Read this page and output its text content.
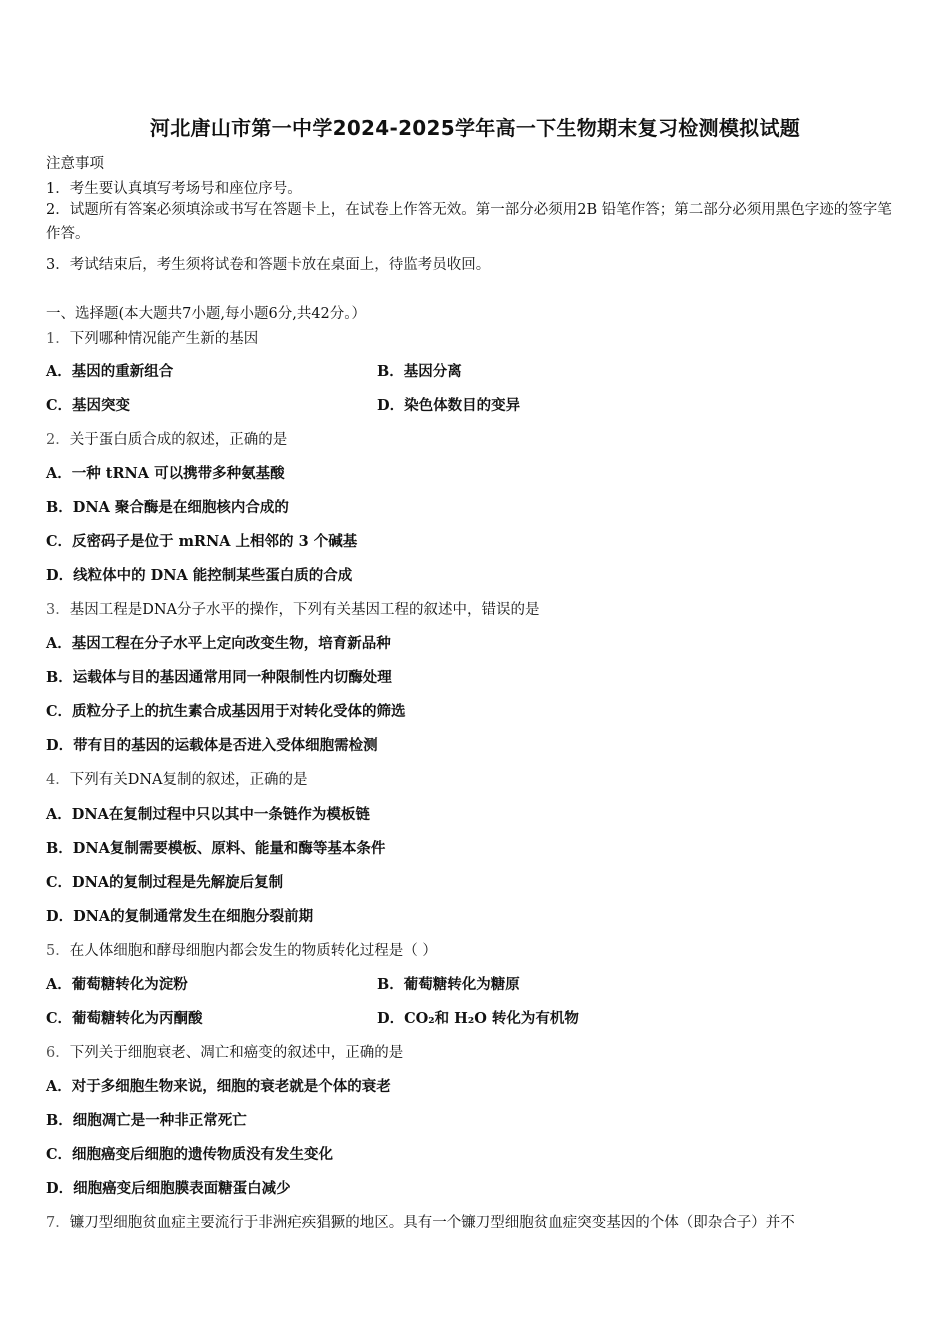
河北唐山市第一中学2024-2025学年高一下生物期末复习检测模拟试题
注意事项
1．考生要认真填写考场号和座位序号。
2．试题所有答案必须填涂或书写在答题卡上，在试卷上作答无效。第一部分必须用2B 铅笔作答；第二部分必须用黑色字迹的签字笔作答。
3．考试结束后，考生须将试卷和答题卡放在桌面上，待监考员收回。
一、选择题(本大题共7小题,每小题6分,共42分。）
1．下列哪种情况能产生新的基因
A．基因的重新组合	B．基因分离
C．基因突变	D．染色体数目的变异
2．关于蛋白质合成的叙述，正确的是
A．一种 tRNA 可以携带多种氨基酸
B．DNA 聚合酶是在细胞核内合成的
C．反密码子是位于 mRNA 上相邻的 3 个碱基
D．线粒体中的 DNA 能控制某些蛋白质的合成
3．基因工程是DNA分子水平的操作，下列有关基因工程的叙述中，错误的是
A．基因工程在分子水平上定向改变生物，培育新品种
B．运载体与目的基因通常用同一种限制性内切酶处理
C．质粒分子上的抗生素合成基因用于对转化受体的筛选
D．带有目的基因的运载体是否进入受体细胞需检测
4．下列有关DNA复制的叙述，正确的是
A．DNA在复制过程中只以其中一条链作为模板链
B．DNA复制需要模板、原料、能量和酶等基本条件
C．DNA的复制过程是先解旋后复制
D．DNA的复制通常发生在细胞分裂前期
5．在人体细胞和酵母细胞内都会发生的物质转化过程是（ ）
A．葡萄糖转化为淀粉	B．葡萄糖转化为糖原
C．葡萄糖转化为丙酮酸	D．CO₂和 H₂O 转化为有机物
6．下列关于细胞衰老、凋亡和癌变的叙述中，正确的是
A．对于多细胞生物来说，细胞的衰老就是个体的衰老
B．细胞凋亡是一种非正常死亡
C．细胞癌变后细胞的遗传物质没有发生变化
D．细胞癌变后细胞膜表面糖蛋白减少
7．镰刀型细胞贫血症主要流行于非洲疟疾猖獗的地区。具有一个镰刀型细胞贫血症突变基因的个体（即杂合子）并不
